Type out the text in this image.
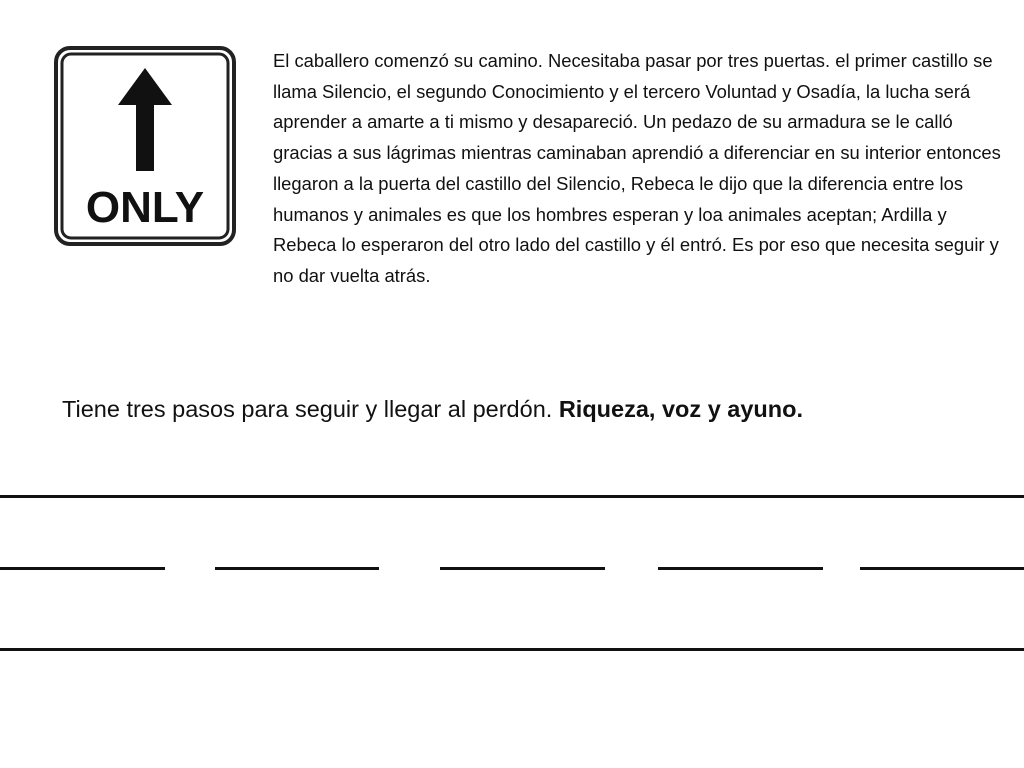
ONLY

El caballero comenzó su camino. Necesitaba pasar por tres puertas. el primer castillo se llama Silencio, el segundo Conocimiento y el tercero Voluntad y Osadía, la lucha será aprender a amarte a ti mismo y desapareció. Un pedazo de su armadura se le calló gracias a sus lágrimas mientras caminaban aprendió a diferenciar en su interior entonces llegaron a la puerta del castillo del Silencio, Rebeca le dijo que la diferencia entre los humanos y animales es que los hombres esperan y loa animales aceptan; Ardilla y Rebeca lo esperaron del otro lado del castillo y él entró. Es por eso que necesita seguir y no dar vuelta atrás.

Tiene tres pasos para seguir y llegar al perdón. Riqueza, voz y ayuno.
